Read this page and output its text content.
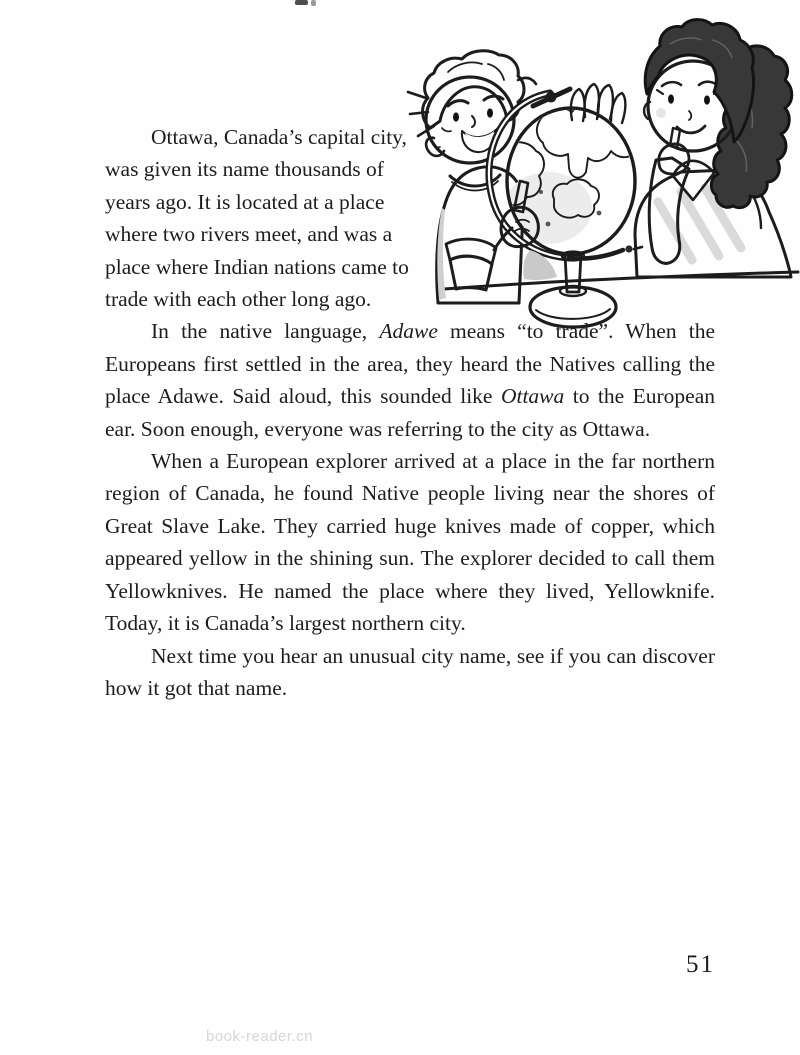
Ottawa, Canada’s capital city, was given its name thousands of years ago. It is located at a place where two rivers meet, and was a place where Indian nations came to trade with each other long ago.

In the native language, Adawe means “to trade”. When the Europeans first settled in the area, they heard the Natives calling the place Adawe. Said aloud, this sounded like Ottawa to the European ear. Soon enough, everyone was referring to the city as Ottawa.

When a European explorer arrived at a place in the far northern region of Canada, he found Native people living near the shores of Great Slave Lake. They carried huge knives made of copper, which appeared yellow in the shining sun. The explorer decided to call them Yellowknives. He named the place where they lived, Yellowknife. Today, it is Canada’s largest northern city.

Next time you hear an unusual city name, see if you can discover how it got that name.

51
book-reader.cn
